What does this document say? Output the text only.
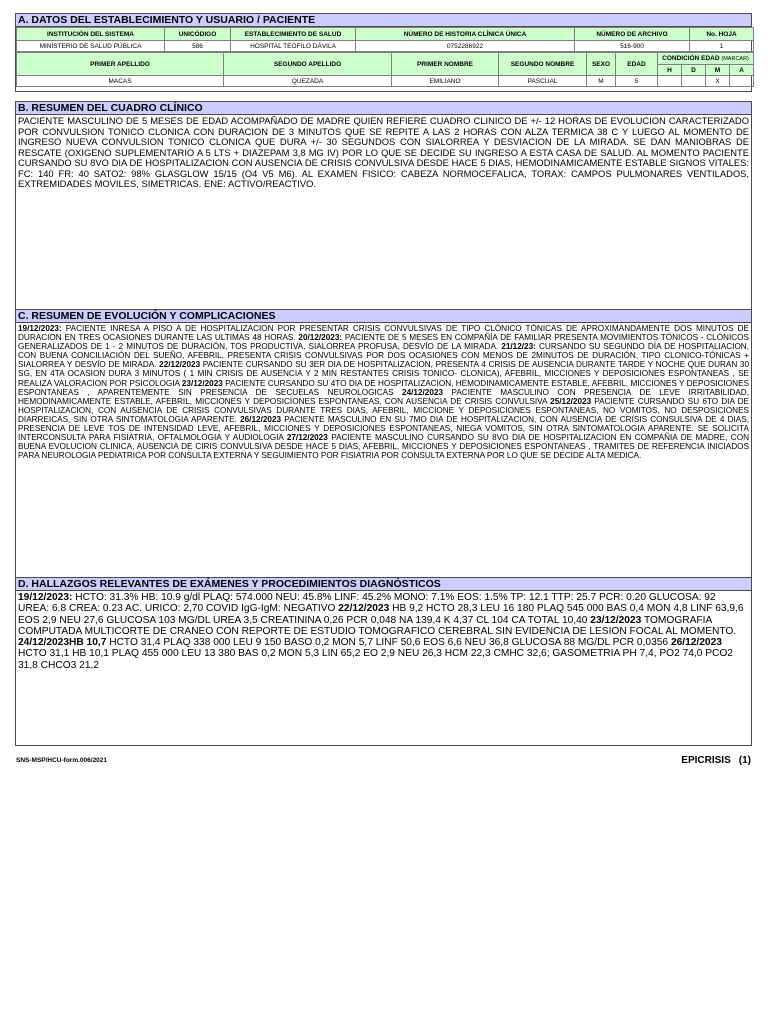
A. DATOS DEL ESTABLECIMIENTO Y USUARIO / PACIENTE
INSTITUCIÓN DEL SISTEMA	UNICÓDIGO	ESTABLECIMIENTO DE SALUD	NÚMERO DE HISTORIA CLÍNICA ÚNICA	NÚMERO DE ARCHIVO	No. HOJA
MINISTERIO DE SALUD PÚBLICA	586	HOSPITAL TEÓFILO DÁVILA	0752286922	516-900	1
PRIMER APELLIDO	SEGUNDO APELLIDO	PRIMER NOMBRE	SEGUNDO NOMBRE	SEXO	EDAD	CONDICIÓN EDAD (MARCAR)			
						H	D	M	A
MACAS	QUEZADA	EMILIANO	PASCUAL	M	5			X	
B. RESUMEN DEL CUADRO CLÍNICO
PACIENTE MASCULINO DE 5 MESES DE EDAD ACOMPAÑADO DE MADRE QUIEN REFIERE CUADRO CLINICO DE +/- 12 HORAS DE EVOLUCION CARACTERIZADO POR CONVULSION TONICO CLONICA CON DURACION DE 3 MINUTOS QUE SE REPITE A LAS 2 HORAS CON ALZA TERMICA 38 C Y LUEGO AL MOMENTO DE INGRESO NUEVA CONVULSION TONICO CLONICA QUE DURA +/- 30 SEGUNDOS CON SIALORREA Y DESVIACION DE LA MIRADA. SE DAN MANIOBRAS DE RESCATE (OXIGENO SUPLEMENTARIO A 5 LTS + DIAZEPAM 3,8 MG IV) POR LO QUE SE DECIDE SU INGRESO A ESTA CASA DE SALUD. AL MOMENTO PACIENTE CURSANDO SU 8VO DIA DE HOSPITALIZACION CON AUSENCIA DE CRISIS CONVULSIVA DESDE HACE 5 DIAS, HEMODINAMICAMENTE ESTABLE SIGNOS VITALES: FC: 140 FR: 40 SATO2: 98% GLASGLOW 15/15 (O4 V5 M6). AL EXAMEN FISICO: CABEZA NORMOCEFALICA, TORAX: CAMPOS PULMONARES VENTILADOS, EXTREMIDADES MOVILES, SIMETRICAS. ENE: ACTIVO/REACTIVO.
C. RESUMEN DE EVOLUCIÓN Y COMPLICACIONES
19/12/2023: PACIENTE INRESA A PISO A DE HOSPITALIZACION POR PRESENTAR CRISIS CONVULSIVAS DE TIPO CLÓNICO TÓNICAS DE APROXIMANDAMENTE DOS MINUTOS DE DURACION EN TRES OCASIONES DURANTE LAS ULTIMAS 48 HORAS. 20/12/2023: PACIENTE DE 5 MESES EN COMPAÑÍA DE FAMILIAR PRESENTA MOVIMIENTOS TÓNICOS - CLÓNICOS GENERALIZADOS DE 1 - 2 MINUTOS DE DURACIÓN, TOS PRODUCTIVA, SIALORREA PROFUSA, DESVÍO DE LA MIRADA. 21/12/23: CURSANDO SU SEGUNDO DÍA DE HOSPITALIACION, CON BUENA CONCILIACIÓN DEL SUEÑO, AFEBRIL, PRESENTA CRISIS CONVULSIVAS POR DOS OCASIONES CON MENOS DE 2MINUTOS DE DURACIÓN, TIPO CLONICO-TÓNICAS + SIALORREA Y DESVÍO DE MIRADA. 22/12/2023 PACIENTE CURSANDO SU 3ER DIA DE HOSPITALIZACION, PRESENTA 4 CRISIS DE AUSENCIA DURANTE TARDE Y NOCHE QUE DURAN 30 SG, EN 4TA OCASION DURA 3 MINUTOS ( 1 MIN CRISIS DE AUSENCIA Y 2 MIN RESTANTES CRISIS TONICO- CLONICA), AFEBRIL, MICCIONES Y DEPOSICIONES ESPONTANEAS , SE REALIZA VALORACION POR PSICOLOGIA 23/12/2023 PACIENTE CURSANDO SU 4TO DIA DE HOSPITALIZACION, HEMODINAMICAMENTE ESTABLE, AFEBRIL, MICCIONES Y DEPOSICIONES ESPONTANEAS , APARENTEMENTE SIN PRESENCIA DE SECUELAS NEUROLOGICAS 24/12/2023 PACIENTE MASCULINO CON PRESENCIA DE LEVE IRRITABILIDAD, HEMODINAMICAMENTE ESTABLE, AFEBRIL, MICCIONES Y DEPOSICIONES ESPONTANEAS, CON AUSENCIA DE CRISIS CONVULSIVA 25/12/2023 PACIENTE CURSANDO SU 6TO DIA DE HOSPITALIZACION, CON AUSENCIA DE CRISIS CONVULSIVAS DURANTE TRES DIAS, AFEBRIL, MICCIONE Y DEPOSICIONES ESPONTANEAS, NO VOMITOS, NO DESPOSICIONES DIARREICAS, SIN OTRA SINTOMATOLOGIA APARENTE. 26/12/2023 PACIENTE MASCULINO EN SU 7MO DIA DE HOSPITALIZACION, CON AUSENCIA DE CRISIS CONSULSIVA DE 4 DIAS, PRESENCIA DE LEVE TOS DE INTENSIDAD LEVE, AFEBRIL, MICCIONES Y DEPOSICIONES ESPONTANEAS, NIEGA VOMITOS, SIN OTRA SINTOMATOLOGIA APARENTE. SE SOLICITA INTERCONSULTA PARA FISIATRIA, OFTALMOLOGIA Y AUDIOLOGIA 27/12/2023 PACIENTE MASCULINO CURSANDO SU 8VO DIA DE HOSPITALIZACION EN COMPAÑIA DE MADRE, CON BUENA EVOLUCION CLINICA, AUSENCIA DE CIRIS CONVULSIVA DESDE HACE 5 DIAS, AFEBRIL, MICCIONES Y DEPOSICIONES ESPONTANEAS , TRAMITES DE REFERENCIA INICIADOS PARA NEUROLOGIA PEDIATRICA POR CONSULTA EXTERNA Y SEGUIMIENTO POR FISIATRIA POR CONSULTA EXTERNA POR LO QUE SE DECIDE ALTA MEDICA.
D. HALLAZGOS RELEVANTES DE EXÁMENES Y PROCEDIMIENTOS DIAGNÓSTICOS
19/12/2023: HCTO: 31.3% HB: 10.9 g/dl PLAQ: 574.000 NEU: 45.8% LINF: 45.2% MONO: 7.1% EOS: 1.5% TP: 12.1 TTP: 25.7 PCR: 0.20 GLUCOSA: 92 UREA: 6.8 CREA: 0.23 AC. URICO: 2,70 COVID IgG-IgM: NEGATIVO 22/12/2023 HB 9,2 HCTO 28,3 LEU 16 180 PLAQ 545 000 BAS 0,4 MON 4,8 LINF 63,9,6 EOS 2,9 NEU 27,6 GLUCOSA 103 MG/DL UREA 3,5 CREATININA 0,26 PCR 0,048 NA 139,4 K 4,37 CL 104 CA TOTAL 10,40 23/12/2023 TOMOGRAFIA COMPUTADA MULTICORTE DE CRANEO CON REPORTE DE ESTUDIO TOMOGRAFICO CEREBRAL SIN EVIDENCIA DE LESION FOCAL AL MOMENTO. 24/12/2023HB 10,7 HCTO 31,4 PLAQ 338 000 LEU 9 150 BASO 0,2 MON 5,7 LINF 50,6 EOS 6,6 NEU 36,8 GLUCOSA 88 MG/DL PCR 0,0356 26/12/2023 HCTO 31,1 HB 10,1 PLAQ 455 000 LEU 13 380 BAS 0,2 MON 5,3 LIN 65,2 EO 2,9 NEU 26,3 HCM 22,3 CMHC 32,6; GASOMETRIA PH 7,4, PO2 74,0 PCO2 31,8 CHCO3 21,2
SNS-MSP/HCU-form.006/2021	EPICRISIS (1)
